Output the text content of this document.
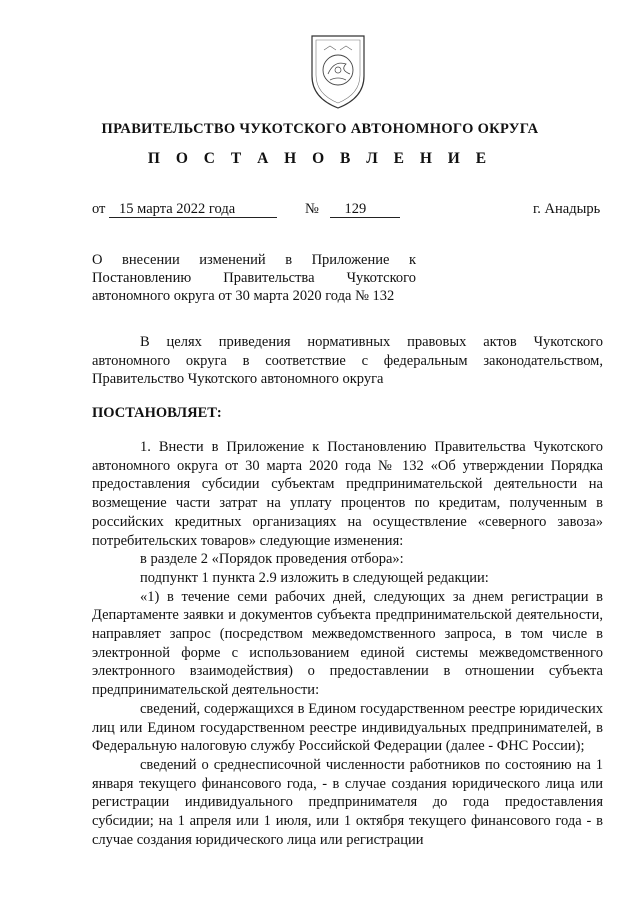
ПРАВИТЕЛЬСТВО ЧУКОТСКОГО АВТОНОМНОГО ОКРУГА
П О С Т А Н О В Л Е Н И Е
от 15 марта 2022 года	№ 129	г. Анадырь
О внесении изменений в Приложение к
Постановлению Правительства Чукотского
автономного округа от 30 марта 2020 года № 132

В целях приведения нормативных правовых актов Чукотского автономного округа в соответствие с федеральным законодательством, Правительство Чукотского автономного округа

ПОСТАНОВЛЯЕТ:

1. Внести в Приложение к Постановлению Правительства Чукотского автономного округа от 30 марта 2020 года № 132 «Об утверждении Порядка предоставления субсидии субъектам предпринимательской деятельности на возмещение части затрат на уплату процентов по кредитам, полученным в российских кредитных организациях на осуществление «северного завоза» потребительских товаров» следующие изменения:

в разделе 2 «Порядок проведения отбора»:

подпункт 1 пункта 2.9 изложить в следующей редакции:

«1) в течение семи рабочих дней, следующих за днем регистрации в Департаменте заявки и документов субъекта предпринимательской деятельности, направляет запрос (посредством межведомственного запроса, в том числе в электронной форме с использованием единой системы межведомственного электронного взаимодействия) о предоставлении в отношении субъекта предпринимательской деятельности:

сведений, содержащихся в Едином государственном реестре юридических лиц или Едином государственном реестре индивидуальных предпринимателей, в Федеральную налоговую службу Российской Федерации (далее - ФНС России);

сведений о среднесписочной численности работников по состоянию на 1 января текущего финансового года, - в случае создания юридического лица или регистрации индивидуального предпринимателя до года предоставления субсидии; на 1 апреля или 1 июля, или 1 октября текущего финансового года - в случае создания юридического лица или регистрации
